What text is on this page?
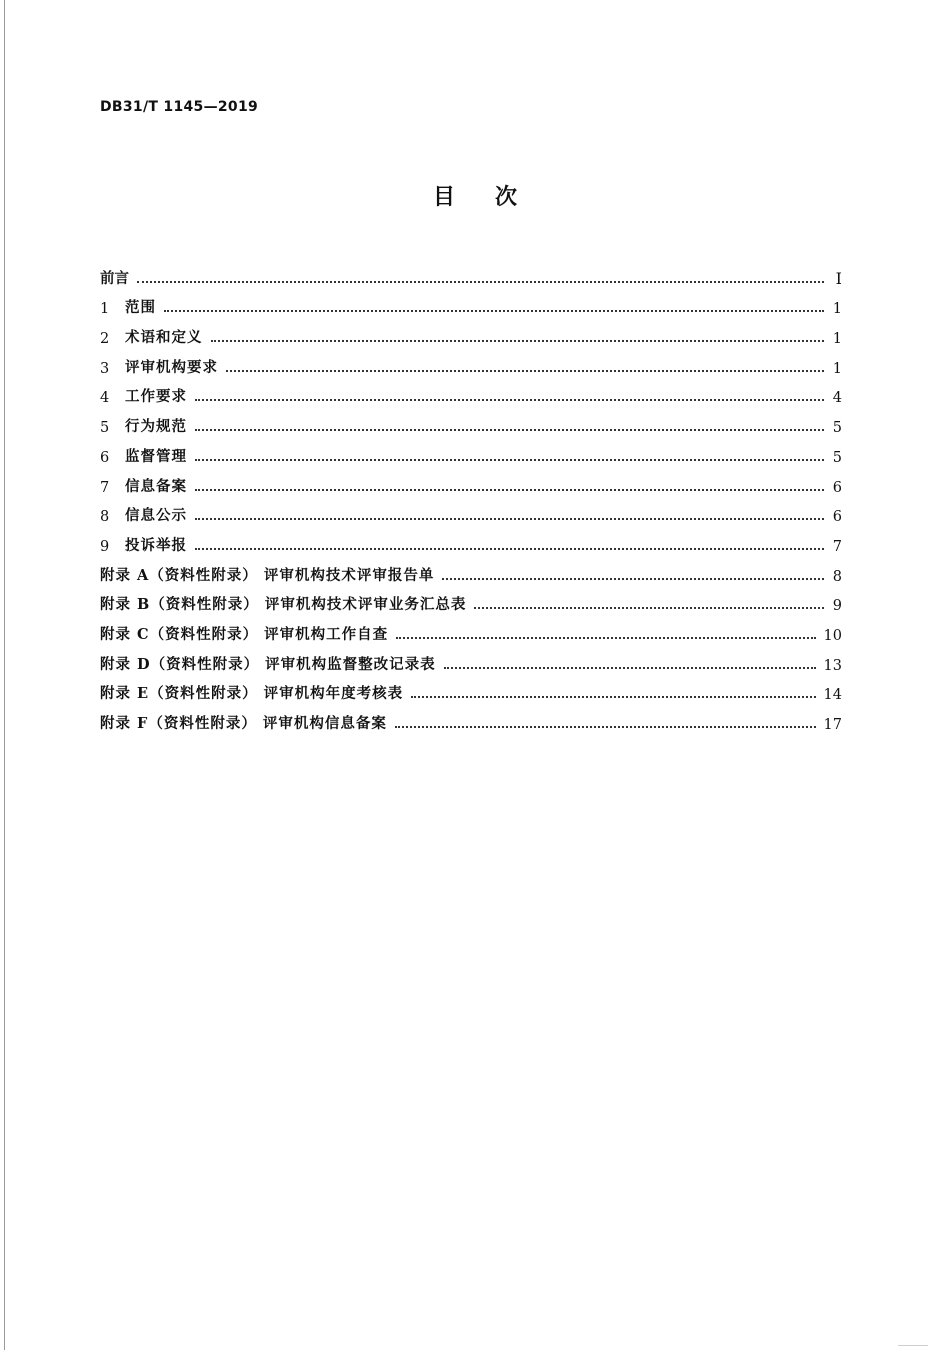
DB31/T 1145—2019
目次
前言	I
1	范围	1
2	术语和定义	1
3	评审机构要求	1
4	工作要求	4
5	行为规范	5
6	监督管理	5
7	信息备案	6
8	信息公示	6
9	投诉举报	7
附录 A（资料性附录） 评审机构技术评审报告单	8
附录 B（资料性附录） 评审机构技术评审业务汇总表	9
附录 C（资料性附录） 评审机构工作自查	10
附录 D（资料性附录） 评审机构监督整改记录表	13
附录 E（资料性附录） 评审机构年度考核表	14
附录 F（资料性附录） 评审机构信息备案	17
